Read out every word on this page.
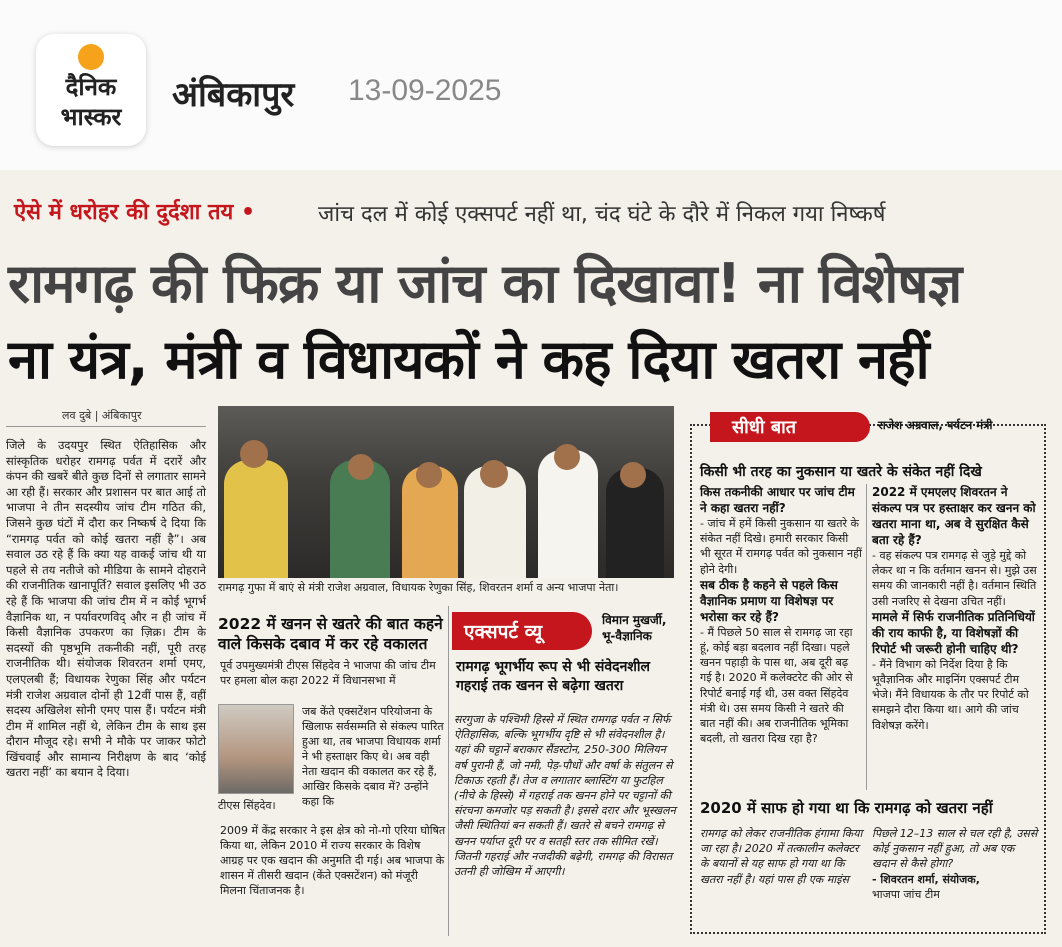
दैनिक
भास्कर
अंबिकापुर 13-09-2025
ऐसे में धरोहर की दुर्दशा तय •	जांच दल में कोई एक्सपर्ट नहीं था, चंद घंटे के दौरे में निकल गया निष्कर्ष
रामगढ़ की फिक्र या जांच का दिखावा! ना विशेषज्ञ
ना यंत्र, मंत्री व विधायकों ने कह दिया खतरा नहीं
लव दुबे | अंबिकापुर
जिले के उदयपुर स्थित ऐतिहासिक और सांस्कृतिक धरोहर रामगढ़ पर्वत में दरारें और कंपन की खबरें बीते कुछ दिनों से लगातार सामने आ रही हैं। सरकार और प्रशासन पर बात आई तो भाजपा ने तीन सदस्यीय जांच टीम गठित की, जिसने कुछ घंटों में दौरा कर निष्कर्ष दे दिया कि “रामगढ़ पर्वत को कोई खतरा नहीं है”। अब सवाल उठ रहे हैं कि क्या यह वाकई जांच थी या पहले से तय नतीजे को मीडिया के सामने दोहराने की राजनीतिक खानापूर्ति? सवाल इसलिए भी उठ रहे हैं कि भाजपा की जांच टीम में न कोई भूगर्भ वैज्ञानिक था, न पर्यावरणविद् और न ही जांच में किसी वैज्ञानिक उपकरण का ज़िक्र। टीम के सदस्यों की पृष्ठभूमि तकनीकी नहीं, पूरी तरह राजनीतिक थी। संयोजक शिवरतन शर्मा एमए, एलएलबी हैं; विधायक रेणुका सिंह और पर्यटन मंत्री राजेश अग्रवाल दोनों ही 12वीं पास हैं, वहीं सदस्य अखिलेश सोनी एमए पास हैं। पर्यटन मंत्री टीम में शामिल नहीं थे, लेकिन टीम के साथ इस दौरान मौजूद रहे। सभी ने मौके पर जाकर फोटो खिंचवाई और सामान्य निरीक्षण के बाद ‘कोई खतरा नहीं’ का बयान दे दिया।
रामगढ़ गुफा में बाएं से मंत्री राजेश अग्रवाल, विधायक रेणुका सिंह, शिवरतन शर्मा व अन्य भाजपा नेता।
2022 में खनन से खतरे की बात कहने वाले किसके दबाव में कर रहे वकालत
पूर्व उपमुख्यमंत्री टीएस सिंहदेव ने भाजपा की जांच टीम पर हमला बोल कहा 2022 में विधानसभा में
टीएस सिंहदेव।
जब केंते एक्सटेंशन परियोजना के खिलाफ सर्वसम्मति से संकल्प पारित हुआ था, तब भाजपा विधायक शर्मा ने भी हस्ताक्षर किए थे। अब वही नेता खदान की वकालत कर रहे हैं, आखिर किसके दबाव में? उन्होंने कहा कि
2009 में केंद्र सरकार ने इस क्षेत्र को नो-गो एरिया घोषित किया था, लेकिन 2010 में राज्य सरकार के विशेष आग्रह पर एक खदान की अनुमति दी गई। अब भाजपा के शासन में तीसरी खदान (केंते एक्सटेंशन) को मंजूरी मिलना चिंताजनक है।
एक्सपर्ट व्यू
विमान मुखर्जी,
भू-वैज्ञानिक
रामगढ़ भूगर्भीय रूप से भी संवेदनशील गहराई तक खनन से बढ़ेगा खतरा
सरगुजा के पश्चिमी हिस्से में स्थित रामगढ़ पर्वत न सिर्फ ऐतिहासिक, बल्कि भूगर्भीय दृष्टि से भी संवेदनशील है। यहां की चट्टानें बराकार सैंडस्टोन, 250-300 मिलियन वर्ष पुरानी हैं, जो नमी, पेड़-पौधों और वर्षा के संतुलन से टिकाऊ रहती हैं। तेज व लगातार ब्लास्टिंग या फुटहिल (नीचे के हिस्से) में गहराई तक खनन होने पर चट्टानों की संरचना कमजोर पड़ सकती है। इससे दरार और भूस्खलन जैसी स्थितियां बन सकती हैं। खतरे से बचने रामगढ़ से खनन पर्याप्त दूरी पर व सतही स्तर तक सीमित रखें। जितनी गहराई और नजदीकी बढ़ेगी, रामगढ़ की विरासत उतनी ही जोखिम में आएगी।
सीधी बात	राजेश अग्रवाल, पर्यटन मंत्री
किसी भी तरह का नुकसान या खतरे के संकेत नहीं दिखे
किस तकनीकी आधार पर जांच टीम ने कहा खतरा नहीं?
- जांच में हमें किसी नुकसान या खतरे के संकेत नहीं दिखे। हमारी सरकार किसी भी सूरत में रामगढ़ पर्वत को नुकसान नहीं होने देगी।
सब ठीक है कहने से पहले किस वैज्ञानिक प्रमाण या विशेषज्ञ पर भरोसा कर रहे हैं?
- मैं पिछले 50 साल से रामगढ़ जा रहा हूं, कोई बड़ा बदलाव नहीं दिखा। पहले खनन पहाड़ी के पास था, अब दूरी बढ़ गई है। 2020 में कलेक्टरेट की ओर से रिपोर्ट बनाई गई थी, उस वक्त सिंहदेव मंत्री थे। उस समय किसी ने खतरे की बात नहीं की। अब राजनीतिक भूमिका बदली, तो खतरा दिख रहा है?
2022 में एमएलए शिवरतन ने संकल्प पत्र पर हस्ताक्षर कर खनन को खतरा माना था, अब वे सुरक्षित कैसे बता रहे हैं?
- वह संकल्प पत्र रामगढ़ से जुड़े मुद्दे को लेकर था न कि वर्तमान खनन से। मुझे उस समय की जानकारी नहीं है। वर्तमान स्थिति उसी नजरिए से देखना उचित नहीं।
मामले में सिर्फ राजनीतिक प्रतिनिधियों की राय काफी है, या विशेषज्ञों की रिपोर्ट भी जरूरी होनी चाहिए थी?
- मैंने विभाग को निर्देश दिया है कि भूवैज्ञानिक और माइनिंग एक्सपर्ट टीम भेजे। मैंने विधायक के तौर पर रिपोर्ट को समझने दौरा किया था। आगे की जांच विशेषज्ञ करेंगे।
2020 में साफ हो गया था कि रामगढ़ को खतरा नहीं
रामगढ़ को लेकर राजनीतिक हंगामा किया जा रहा है। 2020 में तत्कालीन कलेक्टर के बयानों से यह साफ हो गया था कि खतरा नहीं है। यहां पास ही एक माइंस
पिछले 12–13 साल से चल रही है, उससे कोई नुकसान नहीं हुआ, तो अब एक खदान से कैसे होगा?
- शिवरतन शर्मा, संयोजक,
भाजपा जांच टीम
